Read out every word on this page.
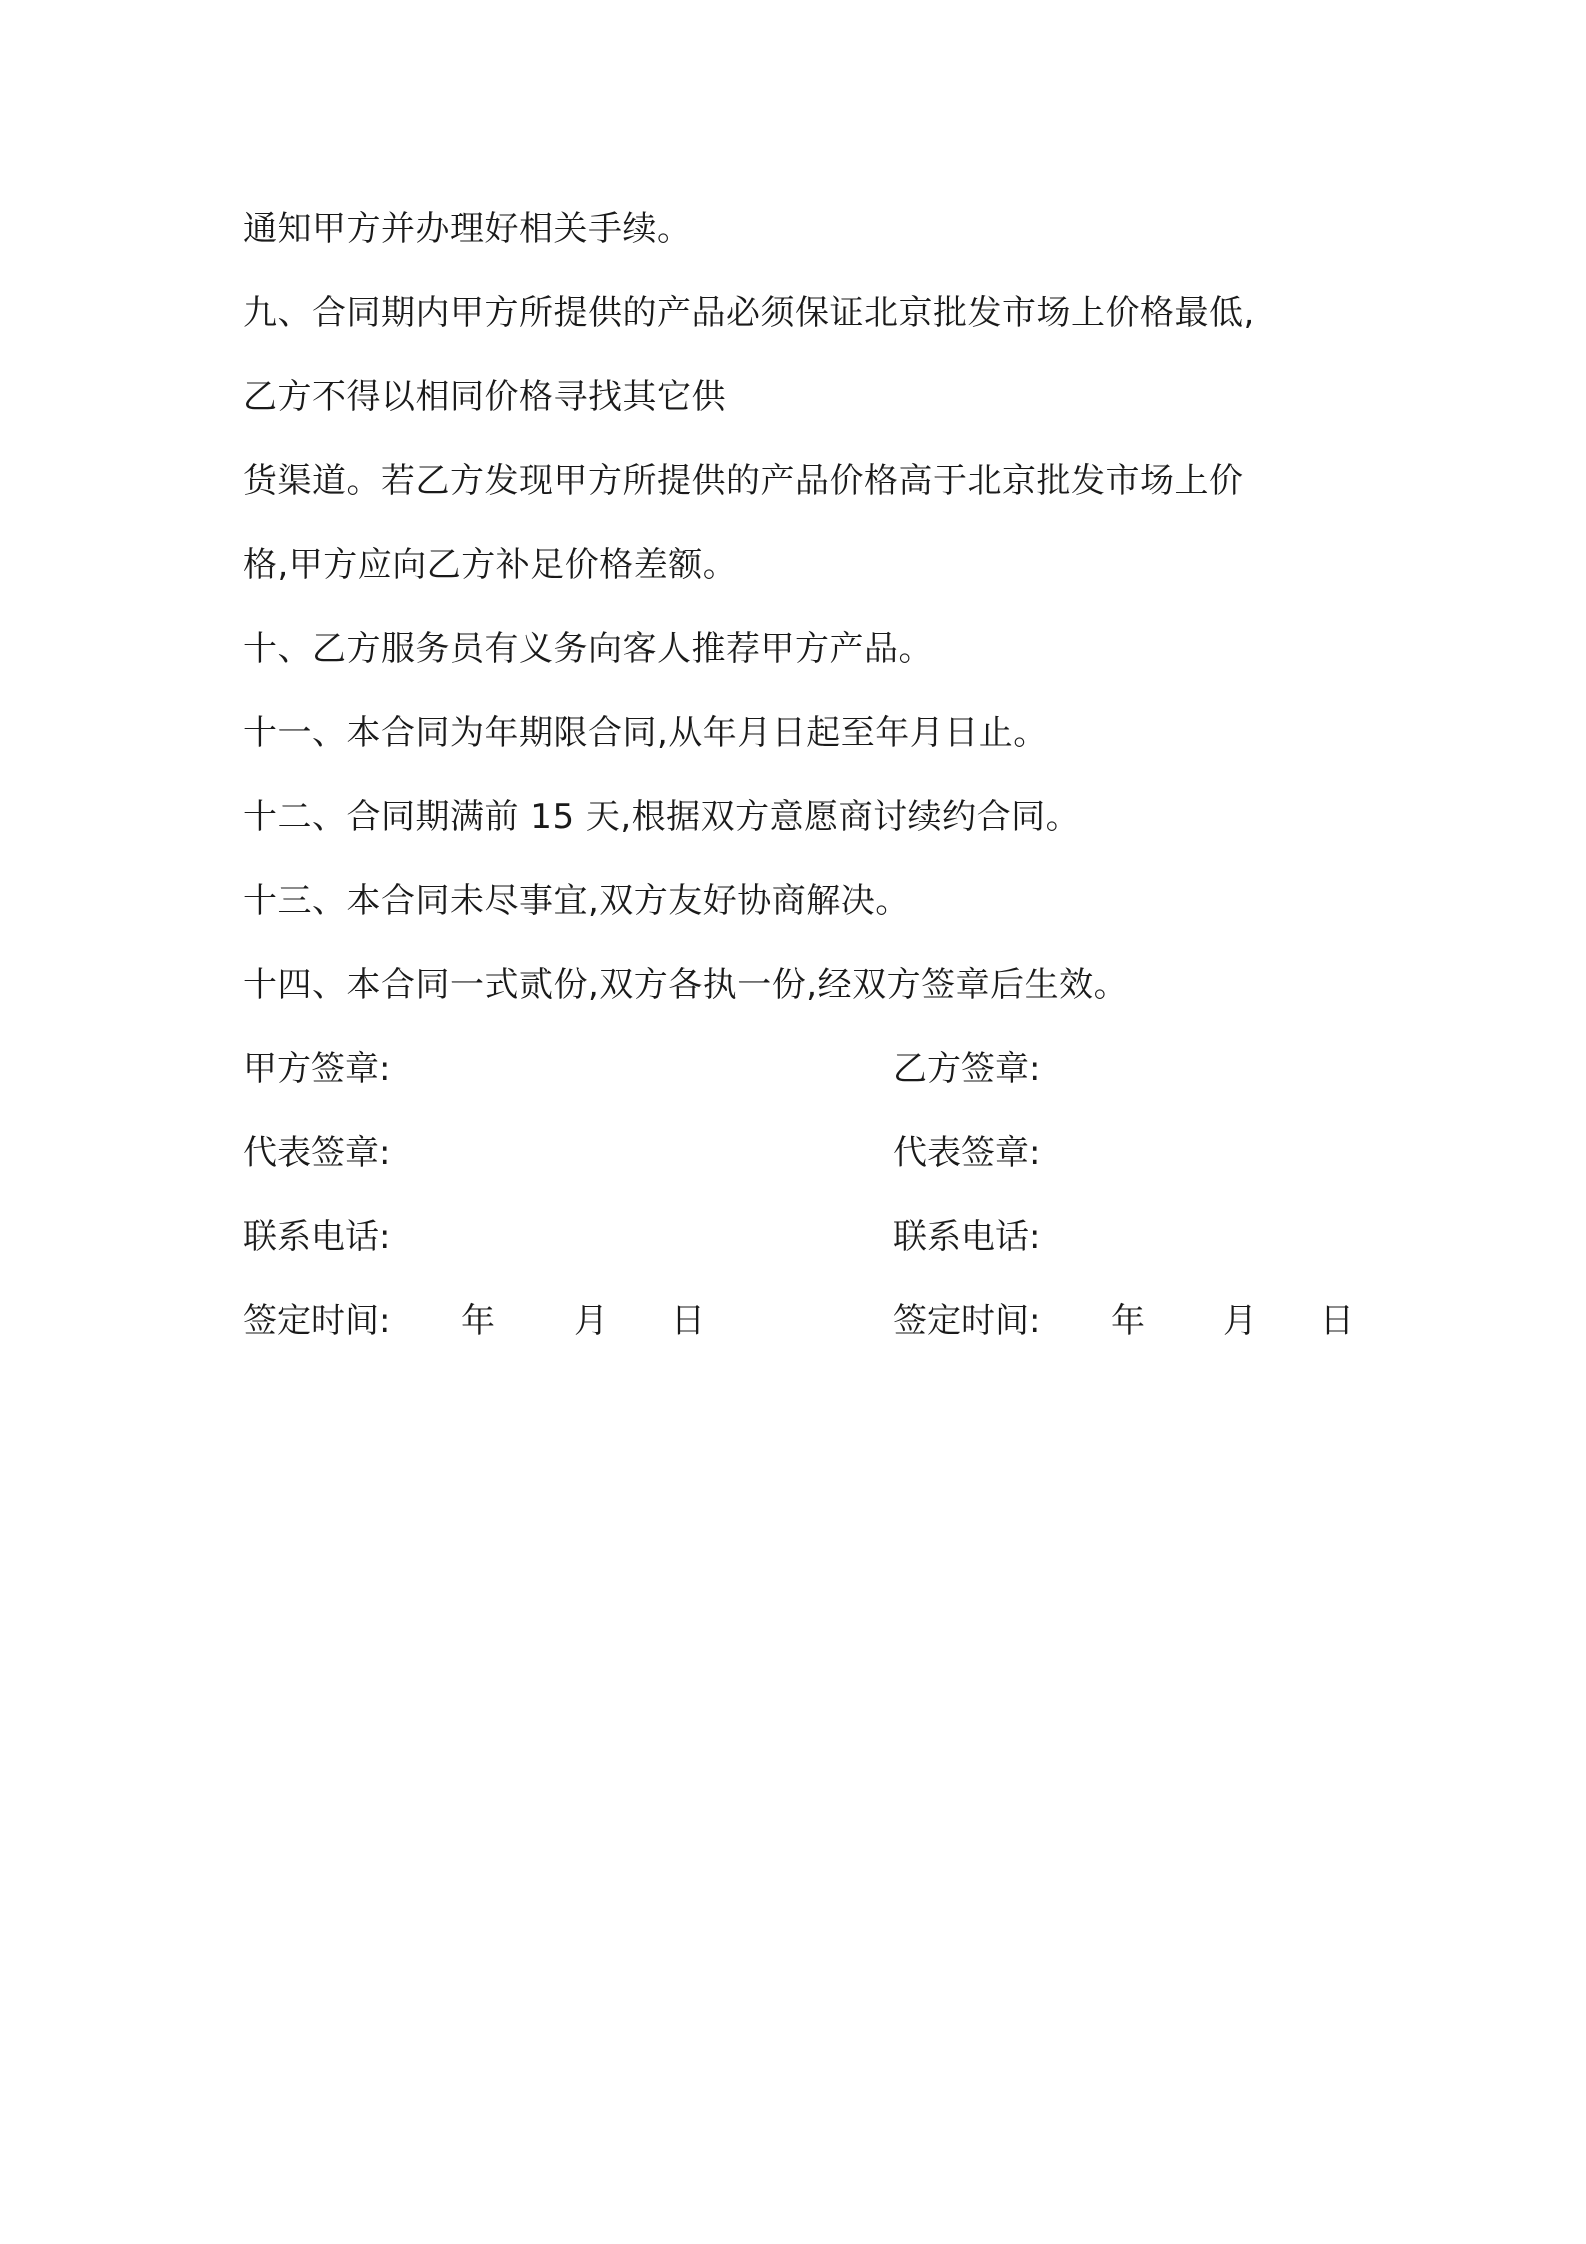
通知甲方并办理好相关手续。
九、合同期内甲方所提供的产品必须保证北京批发市场上价格最低,
乙方不得以相同价格寻找其它供
货渠道。若乙方发现甲方所提供的产品价格高于北京批发市场上价
格,甲方应向乙方补足价格差额。
十、乙方服务员有义务向客人推荐甲方产品。
十一、本合同为年期限合同,从年月日起至年月日止。
十二、合同期满前 15 天,根据双方意愿商讨续约合同。
十三、本合同未尽事宜,双方友好协商解决。
十四、本合同一式贰份,双方各执一份,经双方签章后生效。
甲方签章:
代表签章:
联系电话:
签定时间: 年 月 日
乙方签章:
代表签章:
联系电话:
签定时间: 年 月 日
